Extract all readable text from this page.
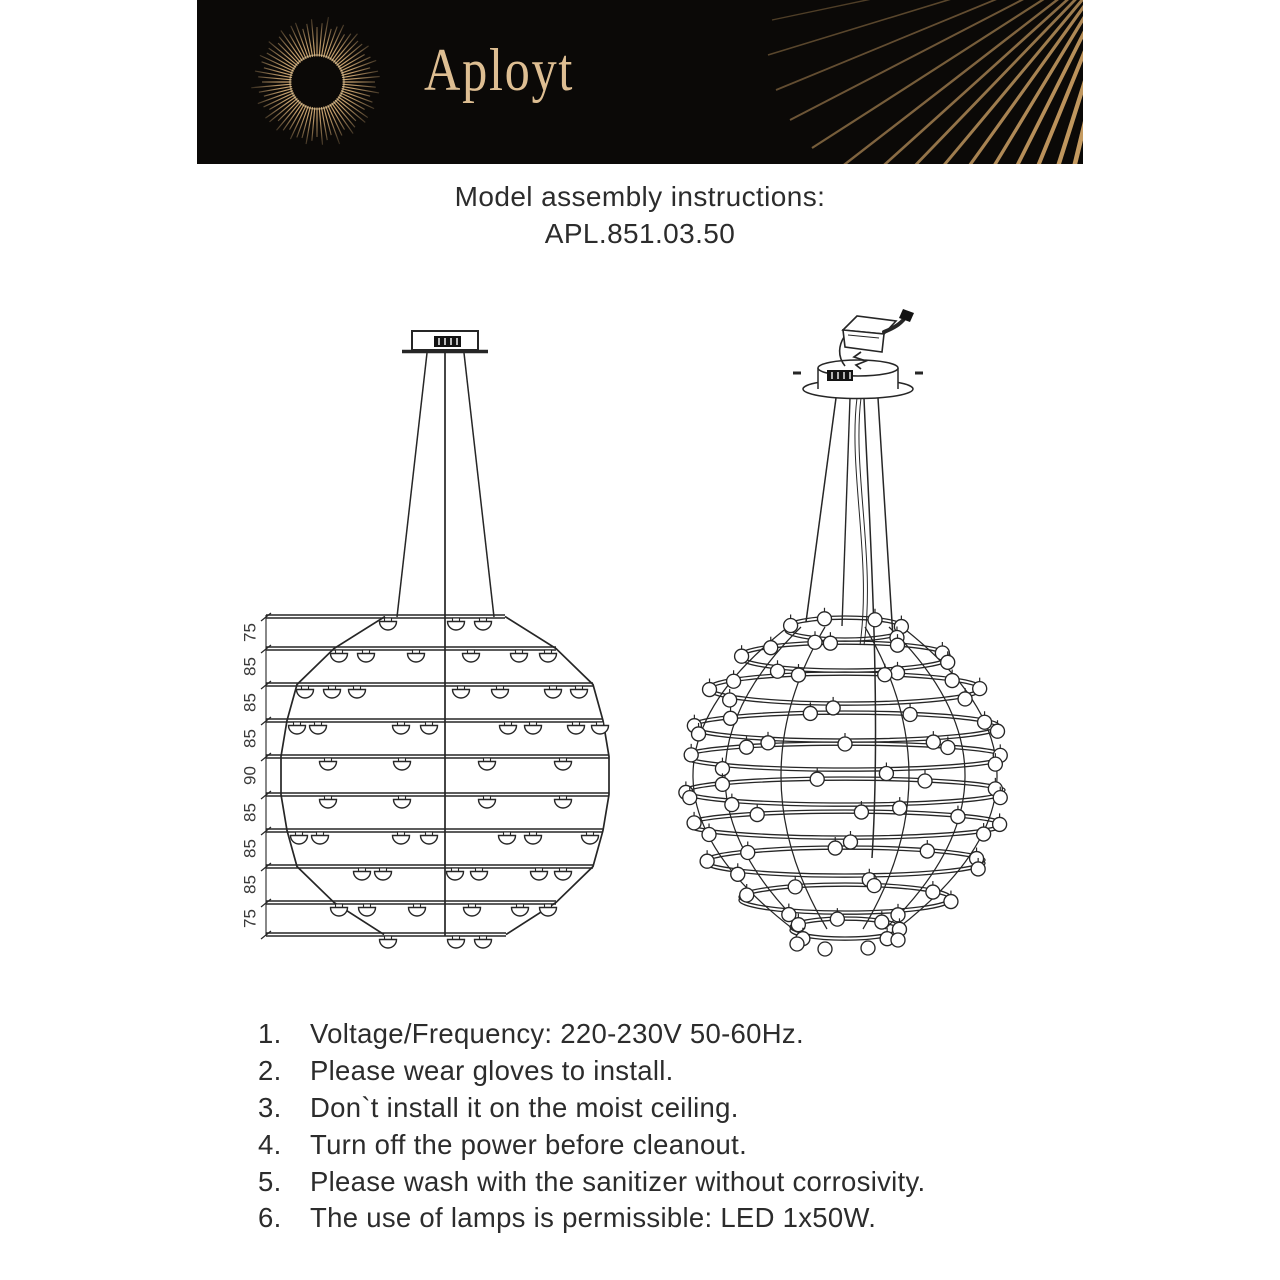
Aployt
Model assembly instructions:
APL.851.03.50
75
85
85
85
90
85
85
85
75
1.	Voltage/Frequency: 220-230V 50-60Hz.
2.	Please wear gloves to install.
3.	Don`t install it on the moist ceiling.
4.	Turn off the power before cleanout.
5.	Please wash with the sanitizer without corrosivity.
6.	The use of lamps is permissible: LED 1x50W.
